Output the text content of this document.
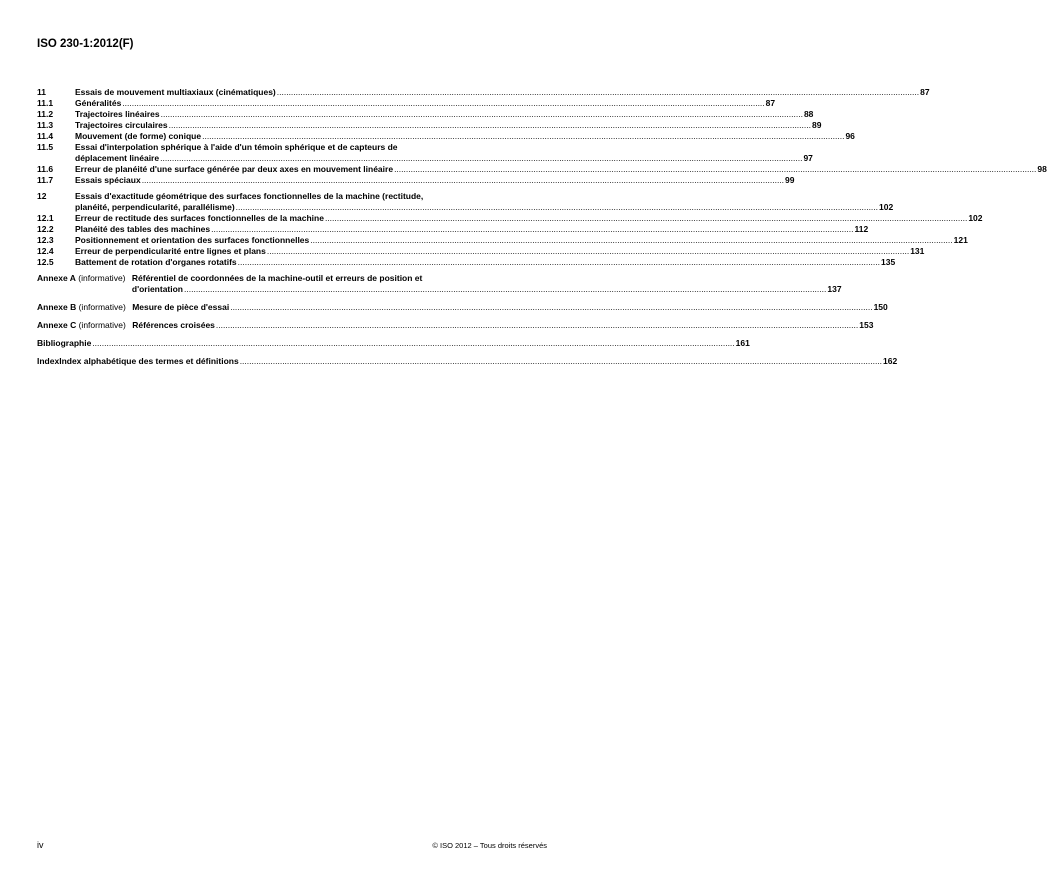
ISO 230-1:2012(F)
11	Essais de mouvement multiaxiaux (cinématiques) .....	87
11.1	Généralités .....	87
11.2	Trajectoires linéaires .....	88
11.3	Trajectoires circulaires .....	89
11.4	Mouvement (de forme) conique .....	96
11.5	Essai d'interpolation sphérique à l'aide d'un témoin sphérique et de capteurs de
déplacement linéaire .....	97
11.6	Erreur de planéité d'une surface générée par deux axes en mouvement linéaire .....	98
11.7	Essais spéciaux .....	99
12	Essais d'exactitude géométrique des surfaces fonctionnelles de la machine (rectitude,
planéité, perpendicularité, parallélisme) .....	102
12.1	Erreur de rectitude des surfaces fonctionnelles de la machine .....	102
12.2	Planéité des tables des machines .....	112
12.3	Positionnement et orientation des surfaces fonctionnelles .....	121
12.4	Erreur de perpendicularité entre lignes et plans .....	131
12.5	Battement de rotation d'organes rotatifs .....	135
Annexe A (informative) Référentiel de coordonnées de la machine-outil et erreurs de position et
d'orientation .....	137
Annexe B (informative) Mesure de pièce d'essai .....	150
Annexe C (informative) Références croisées .....	153
Bibliographie .....	161
Index Index alphabétique des termes et définitions .....	162
iv	© ISO 2012 – Tous droits réservés
